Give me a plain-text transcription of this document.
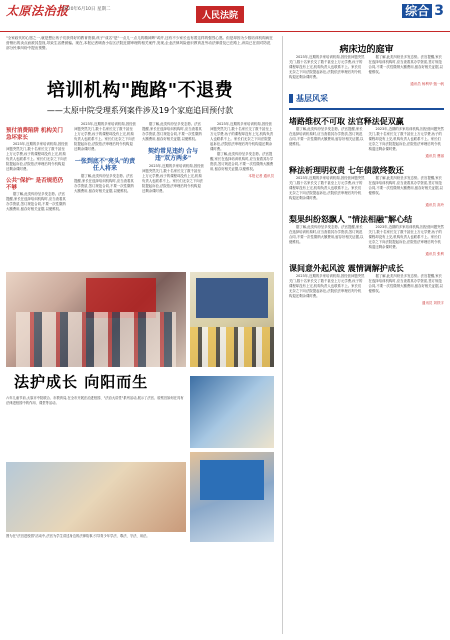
太原法治报
2020年6月10日 星期二
人民法院	综合 3
"全家政代的心愿之一,就是想让孩子们获得好的教育资源,孩子"成名"是"一点儿一点儿的精神辉"或许,还有不少家长也有着这样的强烈心愿。但是却因为少数培训机构疯狂营销出的卖点而被其忽视,导致生活费被骗。现在,本报记者调查小店区法院近期审理的相关案件,发现,企业法律风险意识教育及劳动法律普及已在路上,该局已在面对防范部分民事纠纷中提出预警。
培训机构"跑路"不退费
——太原中院受理系列案件涉及19个家庭追回预付款
预付消费陷阱 机构关门急坏家长
2023年,近期的多家培训机构,因经营问题突然关门,数十名家长交了数千甚至上万元学费,孩子的课程却没有上完,机构负责人也联系不上。家长们无奈之下向法院提起诉讼,法院依法审理后判令机构退还剩余课时费。
公共"保护" 是否规范仍不够
据了解,此类纠纷呈多发态势。法官提醒,家长在选择培训机构时,应当查看其办学资质,签订规范合同,不要一次性缴纳大额费用,留存好相关证据,以便维权。
2023年,近期的多家培训机构,因经营问题突然关门,数十名家长交了数千甚至上万元学费,孩子的课程却没有上完,机构负责人也联系不上。家长们无奈之下向法院提起诉讼,法院依法审理后判令机构退还剩余课时费。
一张到底不"亮头"的责任人将来
据了解,此类纠纷呈多发态势。法官提醒,家长在选择培训机构时,应当查看其办学资质,签订规范合同,不要一次性缴纳大额费用,留存好相关证据,以便维权。
据了解,此类纠纷呈多发态势。法官提醒,家长在选择培训机构时,应当查看其办学资质,签订规范合同,不要一次性缴纳大额费用,留存好相关证据,以便维权。
契约常见违约 合与违"双方两多"
2023年,近期的多家培训机构,因经营问题突然关门,数十名家长交了数千甚至上万元学费,孩子的课程却没有上完,机构负责人也联系不上。家长们无奈之下向法院提起诉讼,法院依法审理后判令机构退还剩余课时费。
2023年,近期的多家培训机构,因经营问题突然关门,数十名家长交了数千甚至上万元学费,孩子的课程却没有上完,机构负责人也联系不上。家长们无奈之下向法院提起诉讼,法院依法审理后判令机构退还剩余课时费。
据了解,此类纠纷呈多发态势。法官提醒,家长在选择培训机构时,应当查看其办学资质,签订规范合同,不要一次性缴纳大额费用,留存好相关证据,以便维权。
本报记者 通讯员
法护成长 向阳而生
六年儿童节前,太原市中院联合、市教育局,在全市开展法治进校园、"法治大讲堂"系列活动,展示了法官、检察官如何在具有法律进校园中的作用、课堂等活动。
图为在"法官进校园"活动中,法官为学生讲述身边的法律故事,引导青少年学法、尊法、守法、用法。
病床边的庭审
2023年,近期的多家培训机构,因经营问题突然关门,数十名家长交了数千甚至上万元学费,孩子的课程却没有上完,机构负责人也联系不上。家长们无奈之下向法院提起诉讼,法院依法审理后判令机构退还剩余课时费。
据了解,此类纠纷呈多发态势。法官提醒,家长在选择培训机构时,应当查看其办学资质,签订规范合同,不要一次性缴纳大额费用,留存好相关证据,以便维权。
通讯员 杨利华 甄一帆
基层风采
堵路维权不可取 法官释法促双赢
据了解,此类纠纷呈多发态势。法官提醒,家长在选择培训机构时,应当查看其办学资质,签订规范合同,不要一次性缴纳大额费用,留存好相关证据,以便维权。
2023年,近期的多家培训机构,因经营问题突然关门,数十名家长交了数千甚至上万元学费,孩子的课程却没有上完,机构负责人也联系不上。家长们无奈之下向法院提起诉讼,法院依法审理后判令机构退还剩余课时费。
通讯员 曹丽
释法析理明权责 七年债款终数还
2023年,近期的多家培训机构,因经营问题突然关门,数十名家长交了数千甚至上万元学费,孩子的课程却没有上完,机构负责人也联系不上。家长们无奈之下向法院提起诉讼,法院依法审理后判令机构退还剩余课时费。
据了解,此类纠纷呈多发态势。法官提醒,家长在选择培训机构时,应当查看其办学资质,签订规范合同,不要一次性缴纳大额费用,留存好相关证据,以便维权。
通讯员 高玲
梨果纠纷怒飘人 "情法相融"解心结
据了解,此类纠纷呈多发态势。法官提醒,家长在选择培训机构时,应当查看其办学资质,签订规范合同,不要一次性缴纳大额费用,留存好相关证据,以便维权。
2023年,近期的多家培训机构,因经营问题突然关门,数十名家长交了数千甚至上万元学费,孩子的课程却没有上完,机构负责人也联系不上。家长们无奈之下向法院提起诉讼,法院依法审理后判令机构退还剩余课时费。
通讯员 张利
课间意外起风波 震情调解护成长
2023年,近期的多家培训机构,因经营问题突然关门,数十名家长交了数千甚至上万元学费,孩子的课程却没有上完,机构负责人也联系不上。家长们无奈之下向法院提起诉讼,法院依法审理后判令机构退还剩余课时费。
据了解,此类纠纷呈多发态势。法官提醒,家长在选择培训机构时,应当查看其办学资质,签订规范合同,不要一次性缴纳大额费用,留存好相关证据,以便维权。
通讯员 刘铁宇
